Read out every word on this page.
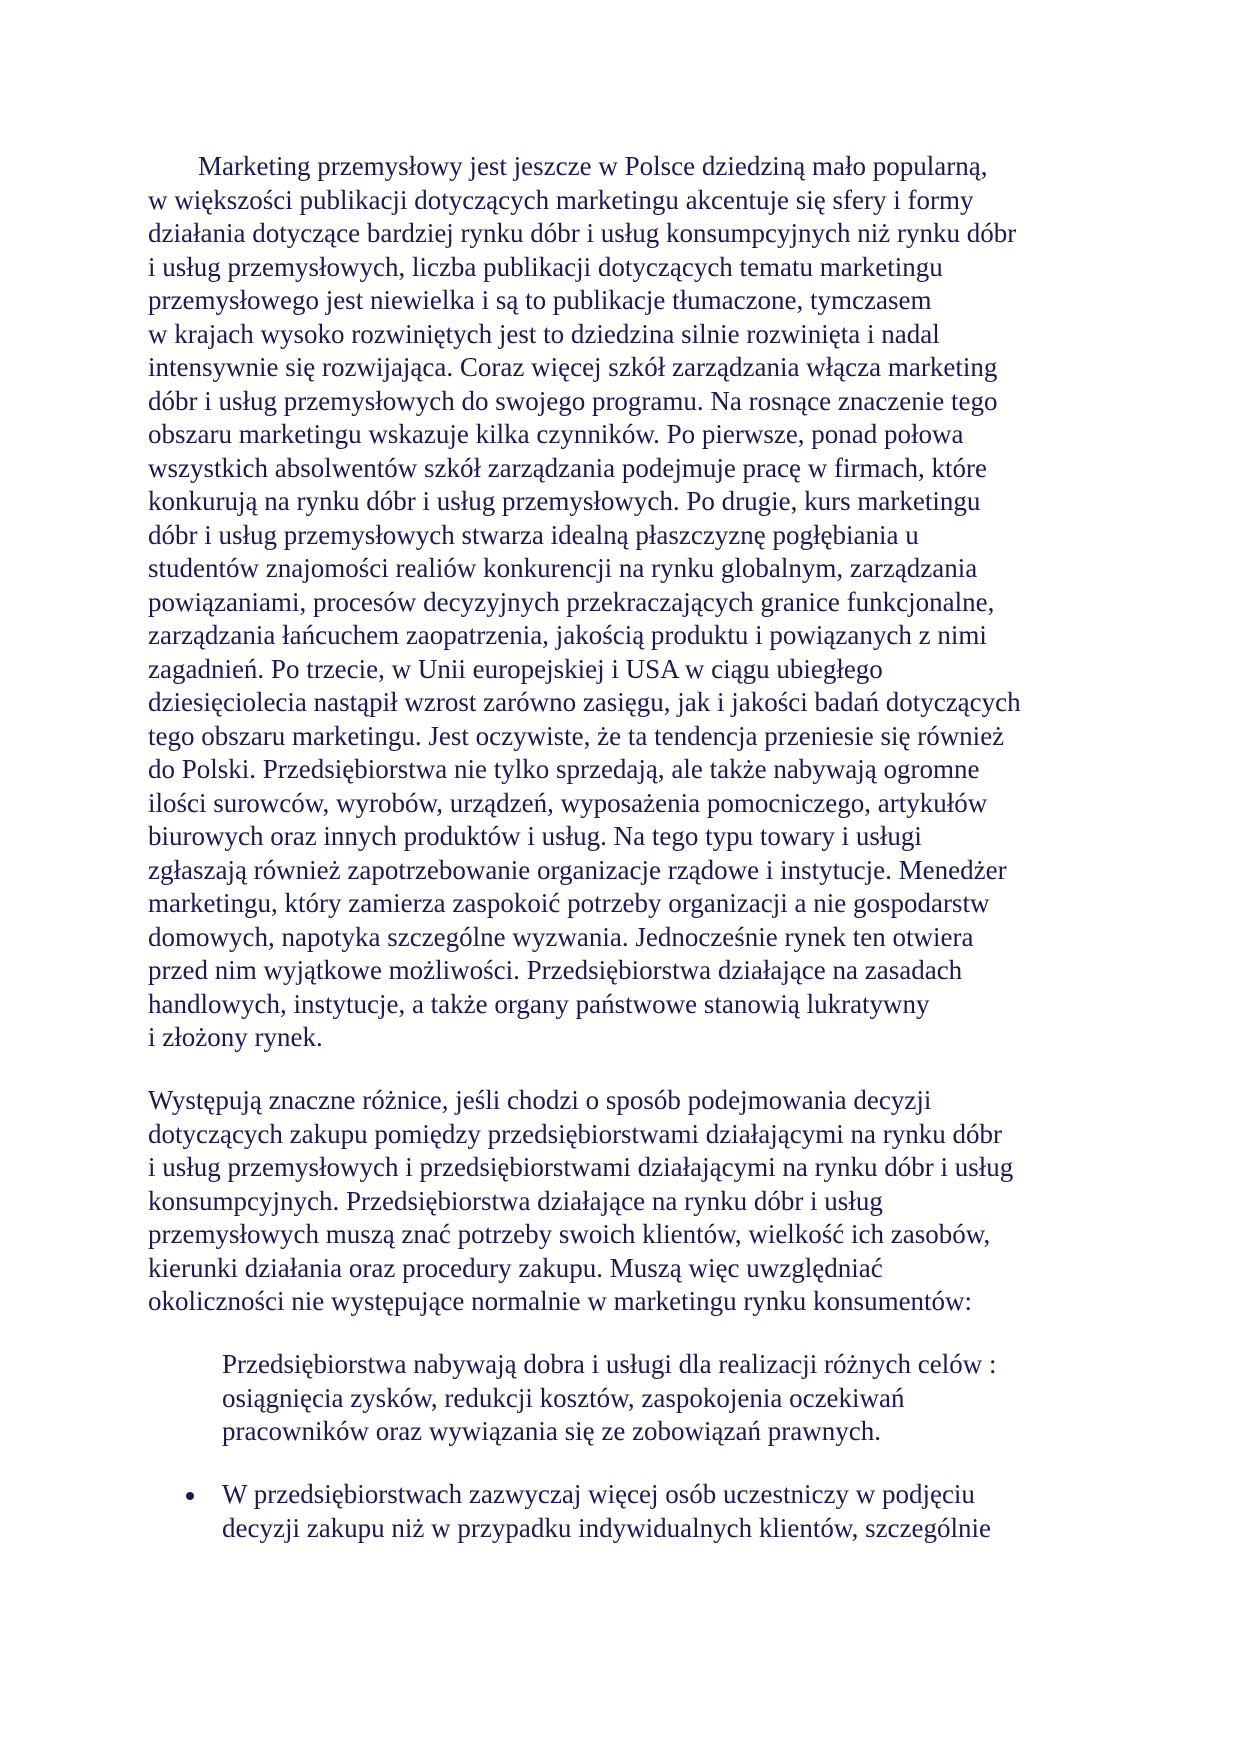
Marketing przemysłowy jest jeszcze w Polsce dziedziną mało popularną,
w większości publikacji dotyczących marketingu akcentuje się sfery i formy
działania dotyczące bardziej rynku dóbr i usług konsumpcyjnych niż rynku dóbr
i usług przemysłowych, liczba publikacji dotyczących tematu marketingu
przemysłowego jest niewielka i są to publikacje tłumaczone, tymczasem
w krajach wysoko rozwiniętych jest to dziedzina silnie rozwinięta i nadal
intensywnie się rozwijająca. Coraz więcej szkół zarządzania włącza marketing
dóbr i usług przemysłowych do swojego programu. Na rosnące znaczenie tego
obszaru marketingu wskazuje kilka czynników. Po pierwsze, ponad połowa
wszystkich absolwentów szkół zarządzania podejmuje pracę w firmach, które
konkurują na rynku dóbr i usług przemysłowych. Po drugie, kurs marketingu
dóbr i usług przemysłowych stwarza idealną płaszczyznę pogłębiania u
studentów znajomości realiów konkurencji na rynku globalnym, zarządzania
powiązaniami, procesów decyzyjnych przekraczających granice funkcjonalne,
zarządzania łańcuchem zaopatrzenia, jakością produktu i powiązanych z nimi
zagadnień. Po trzecie, w Unii europejskiej i USA w ciągu ubiegłego
dziesięciolecia nastąpił wzrost zarówno zasięgu, jak i jakości badań dotyczących
tego obszaru marketingu. Jest oczywiste, że ta tendencja przeniesie się również
do Polski. Przedsiębiorstwa nie tylko sprzedają, ale także nabywają ogromne
ilości surowców, wyrobów, urządzeń, wyposażenia pomocniczego, artykułów
biurowych oraz innych produktów i usług. Na tego typu towary i usługi
zgłaszają również zapotrzebowanie organizacje rządowe i instytucje. Menedżer
marketingu, który zamierza zaspokoić potrzeby organizacji a nie gospodarstw
domowych, napotyka szczególne wyzwania. Jednocześnie rynek ten otwiera
przed nim wyjątkowe możliwości. Przedsiębiorstwa działające na zasadach
handlowych, instytucje, a także organy państwowe stanowią lukratywny
i złożony rynek.
Występują znaczne różnice, jeśli chodzi o sposób podejmowania decyzji
dotyczących zakupu pomiędzy przedsiębiorstwami działającymi na rynku dóbr
i usług przemysłowych i przedsiębiorstwami działającymi na rynku dóbr i usług
konsumpcyjnych. Przedsiębiorstwa działające na rynku dóbr i usług
przemysłowych muszą znać potrzeby swoich klientów, wielkość ich zasobów,
kierunki działania oraz procedury zakupu. Muszą więc uwzględniać
okoliczności nie występujące normalnie w marketingu rynku konsumentów:
Przedsiębiorstwa nabywają dobra i usługi dla realizacji różnych celów :
osiągnięcia zysków, redukcji kosztów, zaspokojenia oczekiwań
pracowników oraz wywiązania się ze zobowiązań prawnych.
W przedsiębiorstwach zazwyczaj więcej osób uczestniczy w podjęciu
decyzji zakupu niż w przypadku indywidualnych klientów, szczególnie
